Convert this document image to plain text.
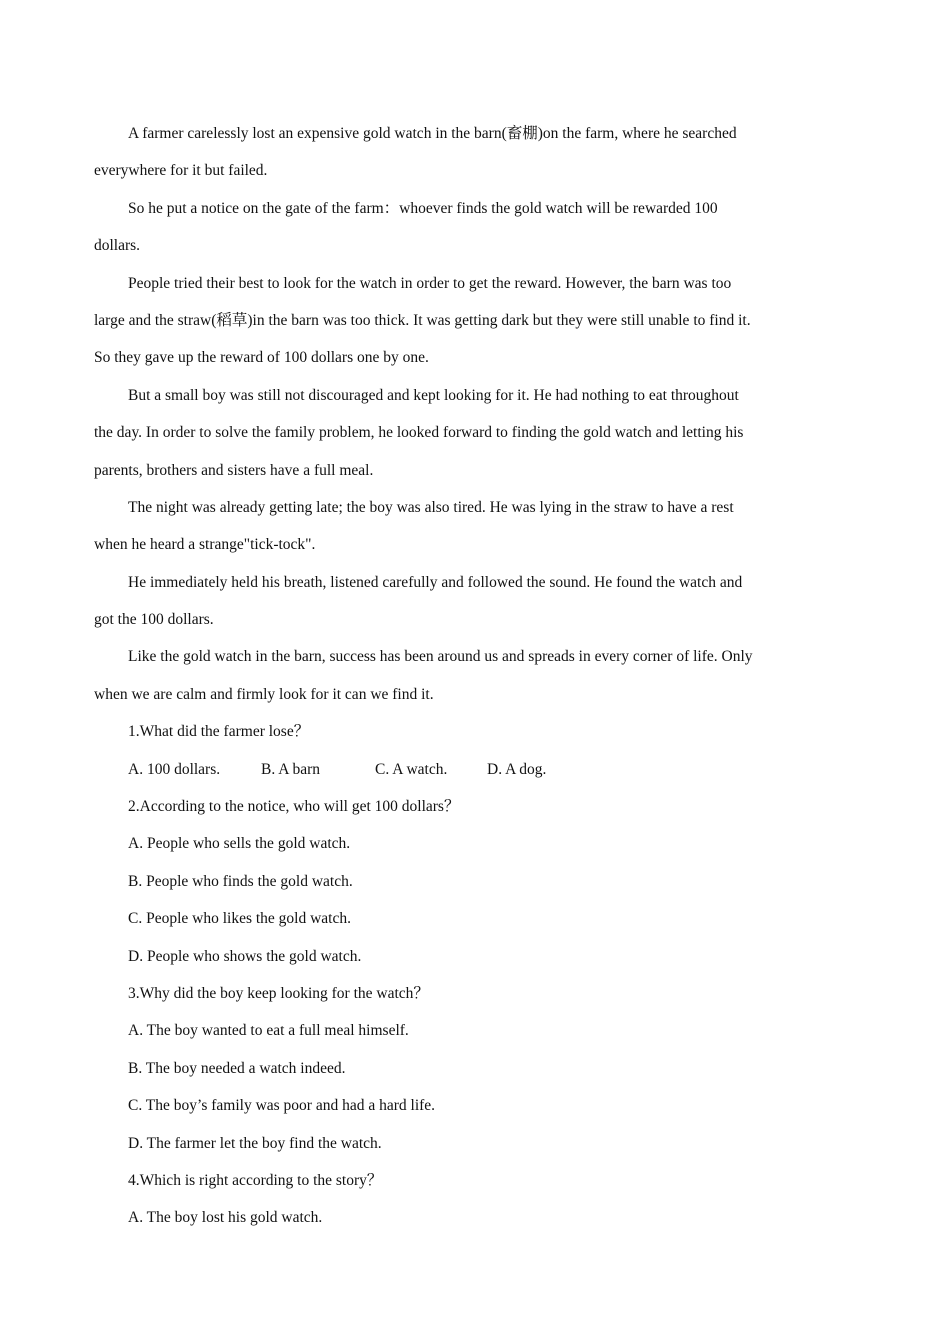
A farmer carelessly lost an expensive gold watch in the barn(畜棚)on the farm, where he searched
everywhere for it but failed.
So he put a notice on the gate of the farm：whoever finds the gold watch will be rewarded 100
dollars.
People tried their best to look for the watch in order to get the reward. However, the barn was too
large and the straw(稻草)in the barn was too thick. It was getting dark but they were still unable to find it.
So they gave up the reward of 100 dollars one by one.
But a small boy was still not discouraged and kept looking for it. He had nothing to eat throughout
the day. In order to solve the family problem, he looked forward to finding the gold watch and letting his
parents, brothers and sisters have a full meal.
The night was already getting late; the boy was also tired. He was lying in the straw to have a rest
when he heard a strange"tick-tock".
He immediately held his breath, listened carefully and followed the sound. He found the watch and
got the 100 dollars.
Like the gold watch in the barn, success has been around us and spreads in every corner of life. Only
when we are calm and firmly look for it can we find it.
1.What did the farmer lose？
A. 100 dollars.	B. A barn	C. A watch.	D. A dog.
2.According to the notice, who will get 100 dollars？
A. People who sells the gold watch.
B. People who finds the gold watch.
C. People who likes the gold watch.
D. People who shows the gold watch.
3.Why did the boy keep looking for the watch？
A. The boy wanted to eat a full meal himself.
B. The boy needed a watch indeed.
C. The boy’s family was poor and had a hard life.
D. The farmer let the boy find the watch.
4.Which is right according to the story？
A. The boy lost his gold watch.
